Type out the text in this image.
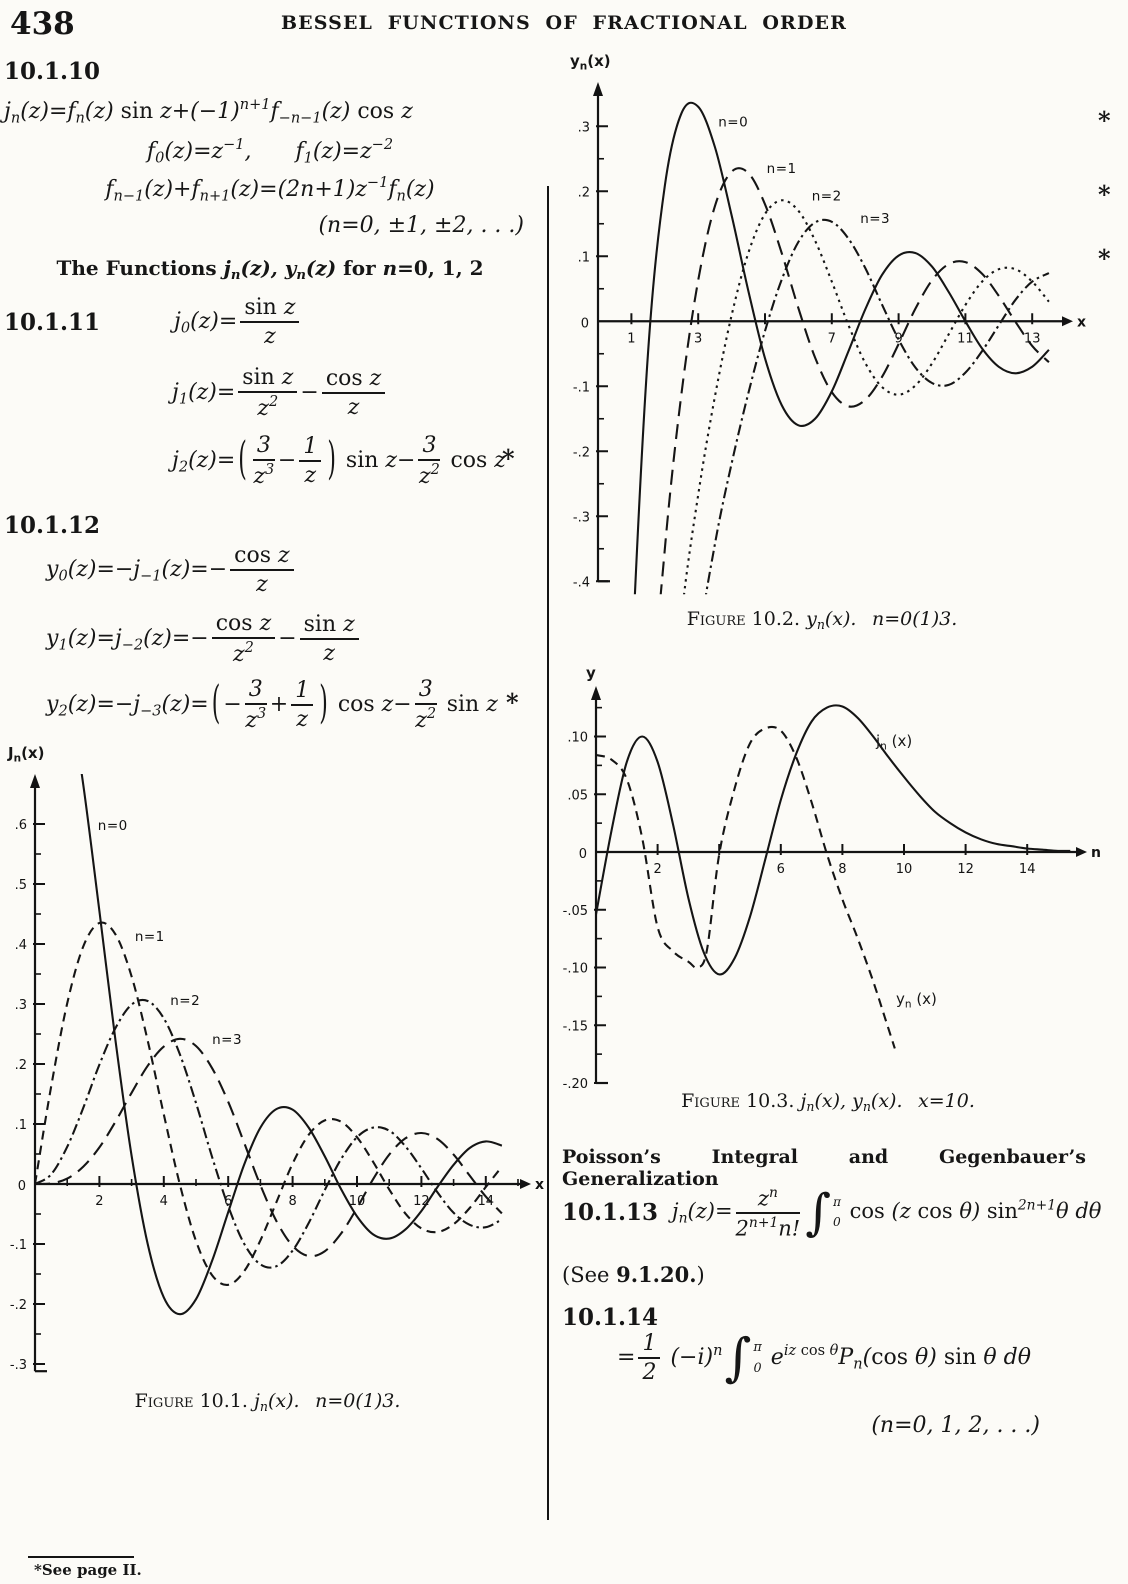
438	BESSEL FUNCTIONS OF FRACTIONAL ORDER
10.1.10
$j_n(z)=f_n(z)$ $\sin z+(-1)^{n+1}f_{-n-1}(z)$ cos z
$f_0(z)=z^{-1}$,  $f_1(z)=z^{-2}$
$f_{n-1}(z)+f_{n+1}(z)=(2n+1)z^{-1}f_n(z)$
(n=0, ±1, ±2, . . .)
The Functions $j_n(z)$, $y_n(z)$ for n=0, 1, 2
10.1.11	$j_0(z)= \frac{\text{sin z}}{z}$
$j_1(z)= \frac{\text{sin z}}{z^2} - \frac{\text{cos z}}{z}$
$j_2(z)=$ ( $\frac{3}{z^3} - \frac{1}{z}$ ) $\sin z- \frac{3}{z^2}$ cos z
*
10.1.12
$y_0(z)=-j_{-1}(z)=- \frac{\text{cos z}}{z}$
$y_1(z)=j_{-2}(z)=- \frac{\text{cos z}}{z^2} - \frac{\text{sin z}}{z}$
$y_2(z)=-j_{-3}(z)=$ ( − $\frac{3}{z^3} + \frac{1}{z}$ ) $\cos z- \frac{3}{z^2}$ sin z *
$J_n(x)$
x
.6
.5
.4
.3
.2
.1
-.1
-.2
-.3
0
2	4	6	8	10	12	14
n=0
n=1
n=2
n=3
Figure 10.1. $j_n(x)$.  n=0(1)3.
$y_n(x)$
x
.3
.2
.1
-.1
-.2
-.3
-.4
0
1	3	7	9	11	13
n=0
n=1
n=2
n=3
Figure 10.2. $y_n(x)$.  n=0(1)3.
*
*
*
y
n
.10
.05
-.05
-.10
-.15
-.20
0
2	6	8	10	12	14
$j_n$ (x)
$y_n$ (x)
Figure 10.3. $j_n(x)$, $y_n(x)$.  x=10.
Poisson’s Integral and Gegenbauer’s Generalization
10.1.13 $j_n(z)= \frac{z^n}{2^{n+1}n!}$ ∫ π
0 cos (z cos θ) $\sin^{2n+1}\theta$ dθ
(See 9.1.20.)
10.1.14
= $\frac{1}{2} (-i)^n$ ∫ π
0 $e^{iz cos \theta}P_n(\cos$ θ) sin θ dθ
(n=0, 1, 2, . . .)
*See page II.
